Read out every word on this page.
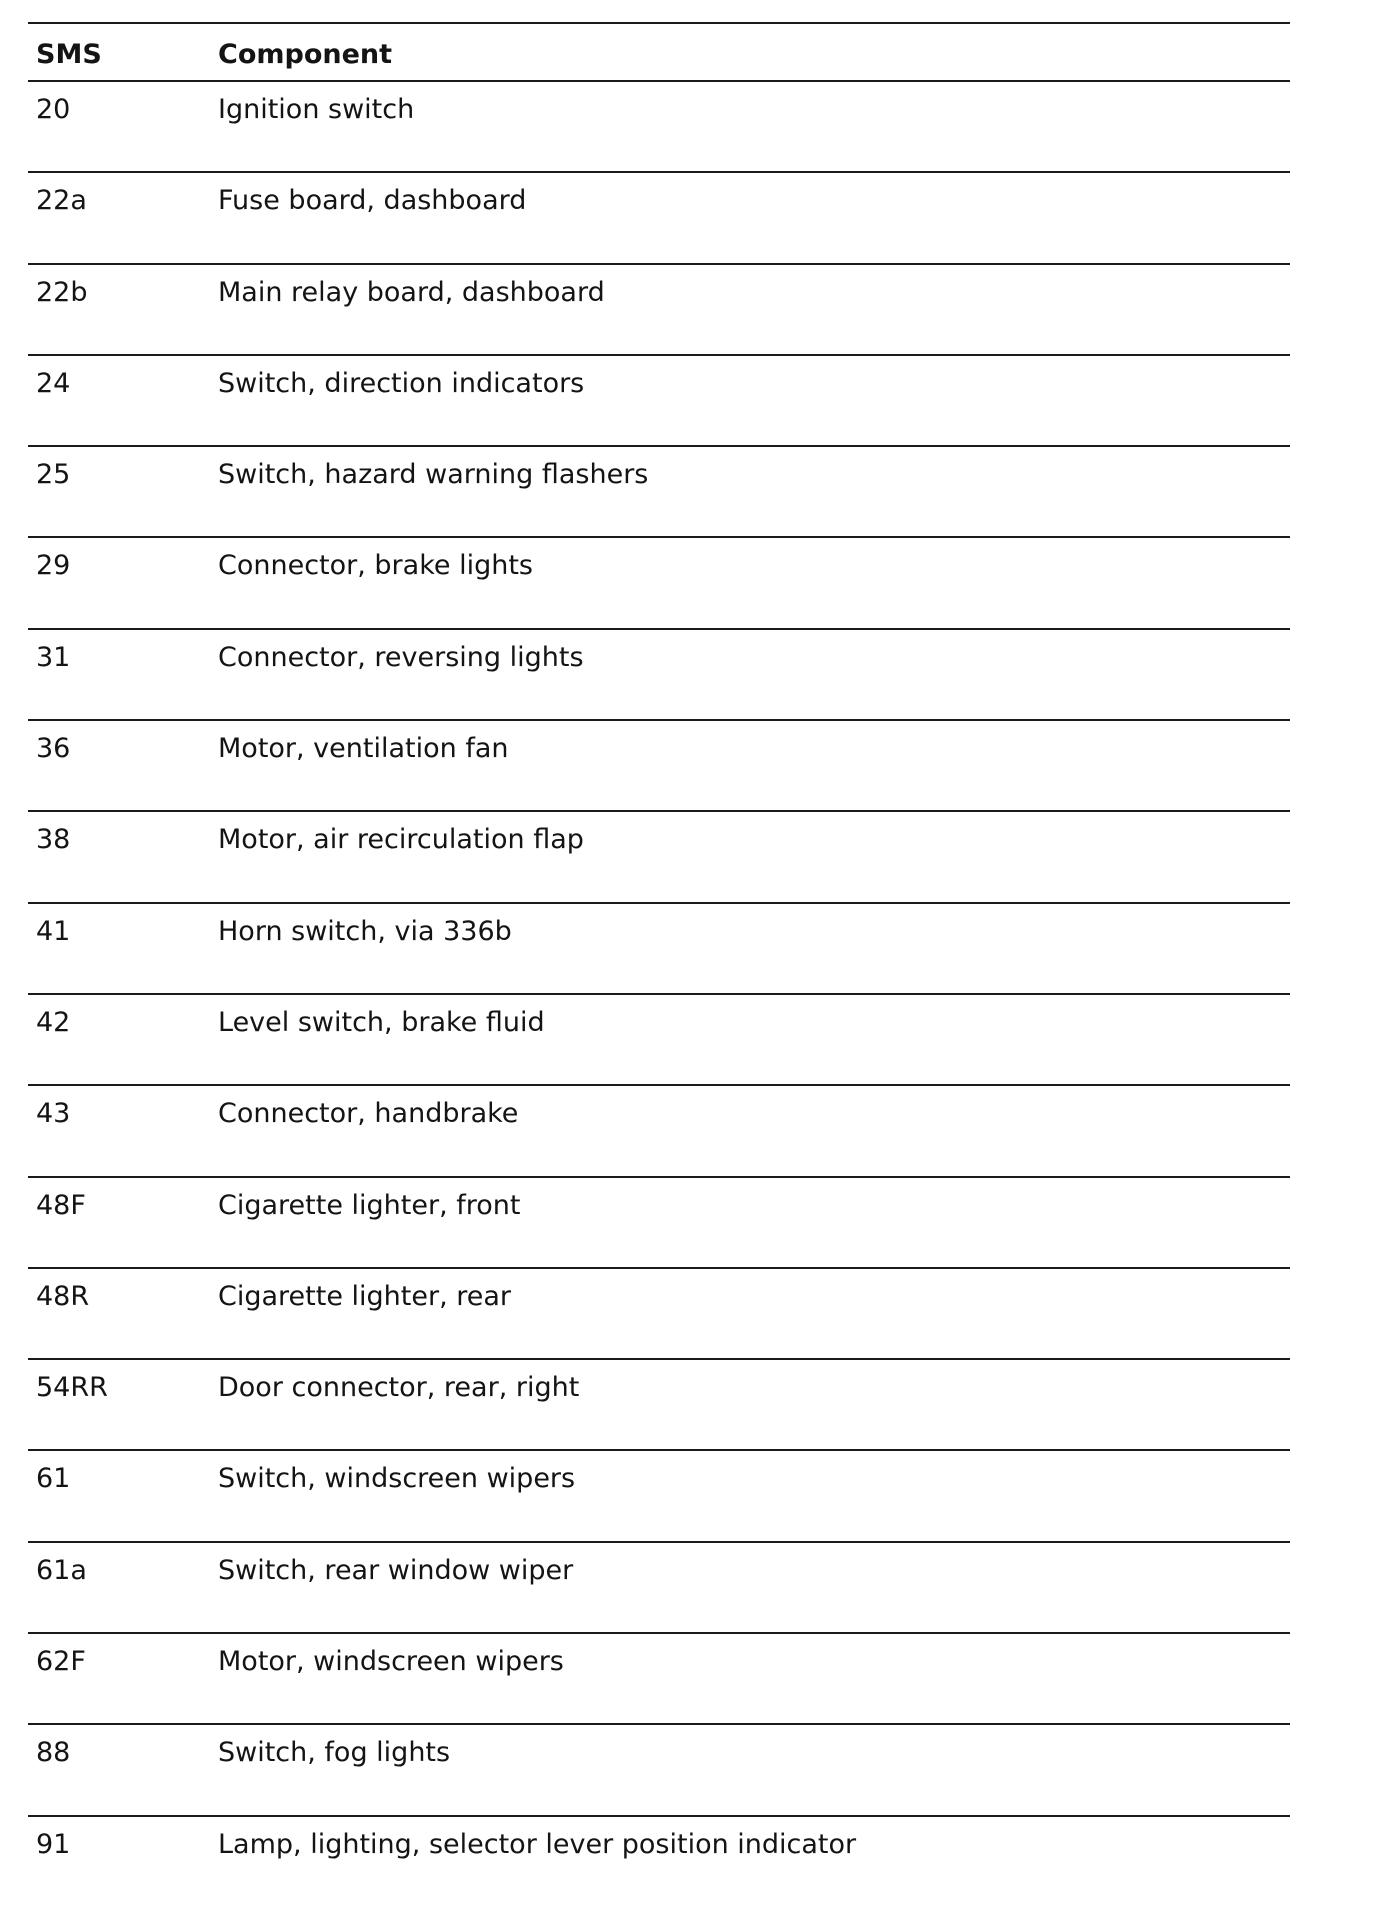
SMS	Component
20	Ignition switch
22a	Fuse board, dashboard
22b	Main relay board, dashboard
24	Switch, direction indicators
25	Switch, hazard warning flashers
29	Connector, brake lights
31	Connector, reversing lights
36	Motor, ventilation fan
38	Motor, air recirculation flap
41	Horn switch, via 336b
42	Level switch, brake fluid
43	Connector, handbrake
48F	Cigarette lighter, front
48R	Cigarette lighter, rear
54RR	Door connector, rear, right
61	Switch, windscreen wipers
61a	Switch, rear window wiper
62F	Motor, windscreen wipers
88	Switch, fog lights
91	Lamp, lighting, selector lever position indicator
